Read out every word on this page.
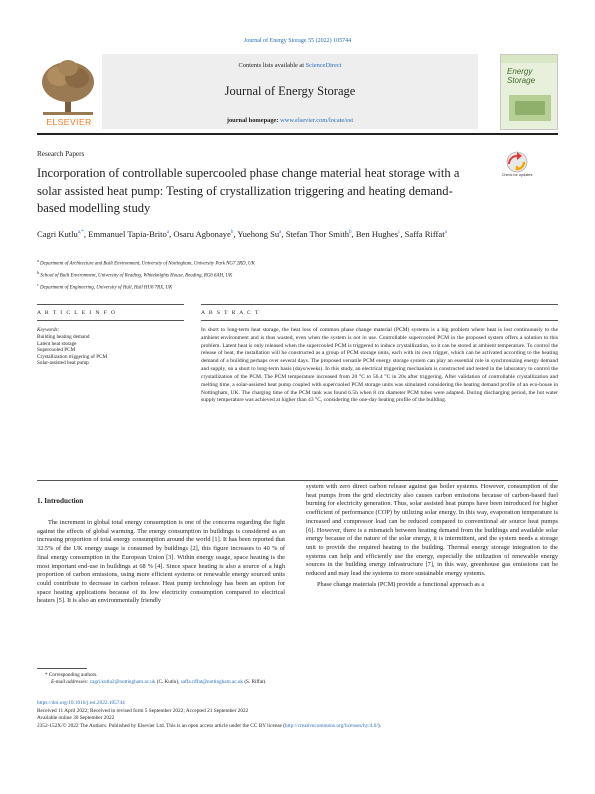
Journal of Energy Storage 55 (2022) 105744
ELSEVIER
Contents lists available at ScienceDirect
Journal of Energy Storage
journal homepage: www.elsevier.com/locate/est
Energy Storage
Research Papers
Incorporation of controllable supercooled phase change material heat storage with a solar assisted heat pump: Testing of crystallization triggering and heating demand-based modelling study
Check for updates
Cagri Kutlu$^{a,*}$, Emmanuel Tapia-Brito$^a$, Osaru Agbonaye$^b$, Yuehong Su$^a$, Stefan Thor Smith$^b$, Ben Hughes$^c$, Saffa Riffat$^a$
$^a$ Department of Architecture and Built Environment, University of Nottingham, University Park NG7 2RD, UK
$^b$ School of Built Environment, University of Reading, Whiteknights House, Reading, RG6 6AH, UK
$^c$ Department of Engineering, University of Hull, Hull HU6 7RX, UK
A R T I C L E I N F O	A B S T R A C T
Keywords:
Building heating demand
Latent heat storage
Supercooled PCM
Crystallization triggering of PCM
Solar-assisted heat pump
In short to long-term heat storage, the heat loss of common phase change material (PCM) systems is a big problem where heat is lost continuously to the ambient environment and is thus wasted, even when the system is not in use. Controllable supercooled PCM in the proposed system offers a solution to this problem. Latent heat is only released when the supercooled PCM is triggered to induce crystallization, so it can be stored at ambient temperature. To control the release of heat, the installation will be constructed as a group of PCM storage units, each with its own trigger, which can be activated according to the heating demand of a building perhaps over several days. The proposed versatile PCM energy storage system can play an essential role in synchronizing energy demand and supply, on a short to long-term basis (days/weeks). In this study, an electrical triggering mechanism is constructed and tested in the laboratory to control the crystallization of the PCM. The PCM temperature increased from 20 °C to 56.4 °C in 20s after triggering. After validation of controllable crystallization and melting time, a solar-assisted heat pump coupled with supercooled PCM storage units was simulated considering the heating demand profile of an eco-house in Nottingham, UK. The charging time of the PCM tank was found 6.5h when 8 cm diameter PCM tubes were adapted. During discharging period, the hot water supply temperature was achieved at higher than 43 °C, considering the one-day heating profile of the building.
1. Introduction

The increment in global total energy consumption is one of the concerns regarding the fight against the effects of global warming. The energy consumption in buildings is considered as an increasing proportion of total energy consumption around the world [1]. It has been reported that 32.5% of the UK energy usage is consumed by buildings [2], this figure increases to 40 % of final energy consumption in the European Union [3]. Within energy usage, space heating is the most important end-use in buildings at 68 % [4]. Since space heating is also a source of a high proportion of carbon emissions, using more efficient systems or renewable energy sourced units could contribute to decrease in carbon release. Heat pump technology has been an option for space heating applications because of its low electricity consumption compared to electrical heaters [5]. It is also an environmentally friendly

system with zero direct carbon release against gas boiler systems. However, consumption of the heat pumps from the grid electricity also causes carbon emissions because of carbon-based fuel burning for electricity generation. Thus, solar assisted heat pumps have been introduced for higher coefficient of performance (COP) by utilizing solar energy. In this way, evaporation temperature is increased and compressor load can be reduced compared to conventional air source heat pumps [6]. However, there is a mismatch between heating demand from the buildings and available solar energy because of the nature of the solar energy, it is intermittent, and the system needs a storage unit to provide the required heating to the building. Thermal energy storage integration to the systems can help and efficiently use the energy, especially the utilization of renewable energy sources in the building energy infrastructure [7], in this way, greenhouse gas emissions can be reduced and may lead the systems to more sustainable energy systems.

Phase change materials (PCM) provide a functional approach as a

* Corresponding authors.
E-mail addresses: cagri.kutlu2@nottingham.ac.uk (C. Kutlu), saffa.riffat@nottingham.ac.uk (S. Riffat).
https://doi.org/10.1016/j.est.2022.105744
Received 11 April 2022; Received in revised form 5 September 2022; Accepted 21 September 2022
Available online 30 September 2022
2352-152X/© 2022 The Authors. Published by Elsevier Ltd. This is an open access article under the CC BY license (http://creativecommons.org/licenses/by/4.0/).
